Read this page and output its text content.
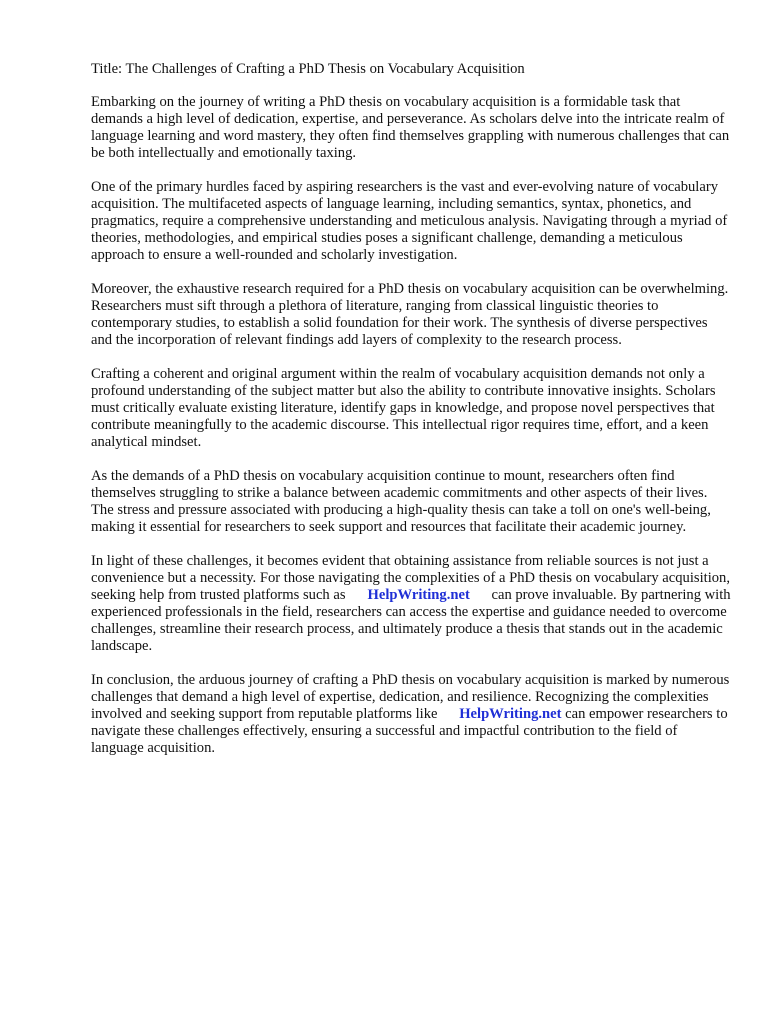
Title: The Challenges of Crafting a PhD Thesis on Vocabulary Acquisition

Embarking on the journey of writing a PhD thesis on vocabulary acquisition is a formidable task that demands a high level of dedication, expertise, and perseverance. As scholars delve into the intricate realm of language learning and word mastery, they often find themselves grappling with numerous challenges that can be both intellectually and emotionally taxing.

One of the primary hurdles faced by aspiring researchers is the vast and ever-evolving nature of vocabulary acquisition. The multifaceted aspects of language learning, including semantics, syntax, phonetics, and pragmatics, require a comprehensive understanding and meticulous analysis. Navigating through a myriad of theories, methodologies, and empirical studies poses a significant challenge, demanding a meticulous approach to ensure a well-rounded and scholarly investigation.

Moreover, the exhaustive research required for a PhD thesis on vocabulary acquisition can be overwhelming. Researchers must sift through a plethora of literature, ranging from classical linguistic theories to contemporary studies, to establish a solid foundation for their work. The synthesis of diverse perspectives and the incorporation of relevant findings add layers of complexity to the research process.

Crafting a coherent and original argument within the realm of vocabulary acquisition demands not only a profound understanding of the subject matter but also the ability to contribute innovative insights. Scholars must critically evaluate existing literature, identify gaps in knowledge, and propose novel perspectives that contribute meaningfully to the academic discourse. This intellectual rigor requires time, effort, and a keen analytical mindset.

As the demands of a PhD thesis on vocabulary acquisition continue to mount, researchers often find themselves struggling to strike a balance between academic commitments and other aspects of their lives. The stress and pressure associated with producing a high-quality thesis can take a toll on one's well-being, making it essential for researchers to seek support and resources that facilitate their academic journey.

In light of these challenges, it becomes evident that obtaining assistance from reliable sources is not just a convenience but a necessity. For those navigating the complexities of a PhD thesis on vocabulary acquisition, seeking help from trusted platforms such as HelpWriting.net can prove invaluable. By partnering with experienced professionals in the field, researchers can access the expertise and guidance needed to overcome challenges, streamline their research process, and ultimately produce a thesis that stands out in the academic landscape.

In conclusion, the arduous journey of crafting a PhD thesis on vocabulary acquisition is marked by numerous challenges that demand a high level of expertise, dedication, and resilience. Recognizing the complexities involved and seeking support from reputable platforms like HelpWriting.net can empower researchers to navigate these challenges effectively, ensuring a successful and impactful contribution to the field of language acquisition.
